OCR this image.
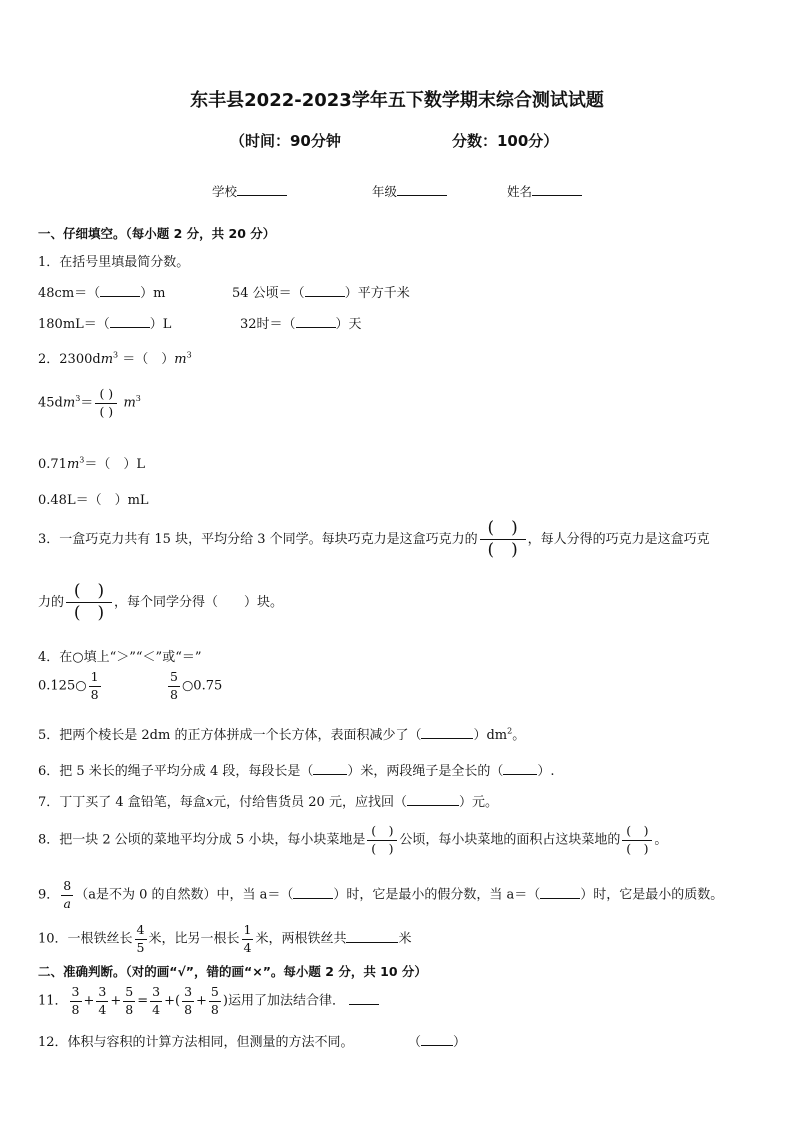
东丰县2022-2023学年五下数学期末综合测试试题
（时间：90分钟	分数：100分）
学校	年级	姓名
一、仔细填空。（每小题 2 分，共 20 分）
1．在括号里填最简分数。
48cm＝（	）m	54 公顷＝（	）平方千米
180mL＝（	）L	32时＝（	）天
2．$2300dm^3$ ＝（　）$m^3$
$45dm^3= \frac{( )}{( )} m^3$
$0.71m^3=$（　）L
0.48L＝（　）mL
3．一盒巧克力共有 15 块，平均分给 3 个同学。每块巧克力是这盒巧克力的
(　)
(　)
，每人分得的巧克力是这盒巧克
力的
(　)
(　)
，每个同学分得（　　）块。
4．在○填上“＞”“＜”或“＝”
0.125○ $\frac{1}{8}$	$\frac{5}{8}$ ○0.75
5．把两个棱长是 2dm 的正方体拼成一个长方体，表面积减少了（	）$dm^2$。
6．把 5 米长的绳子平均分成 4 段，每段长是（	）米，两段绳子是全长的（	）.
7．丁丁买了 4 盒铅笔，每盒x元，付给售货员 20 元，应找回（	）元。
8．把一块 2 公顷的菜地平均分成 5 小块，每小块菜地是 $\frac{( )}{( )}$ 公顷，每小块菜地的面积占这块菜地的 $\frac{( )}{( )}$ 。
9． $\frac{8}{a} (a$是不为 0 的自然数）中，当 a＝（	）时，它是最小的假分数，当 a＝（	）时，它是最小的质数。
10．一根铁丝长 $\frac{4}{5}$ 米，比另一根长 $\frac{1}{4}$ 米，两根铁丝共	米
二、准确判断。（对的画“√”，错的画“×”。每小题 2 分，共 10 分）
11． $\frac{3}{8} + \frac{3}{4} + \frac{5}{8} = \frac{3}{4}$ +( $\frac{3}{8} + \frac{5}{8}$ )运用了加法结合律．
12．体积与容积的计算方法相同，但测量的方法不同。	（ ）
